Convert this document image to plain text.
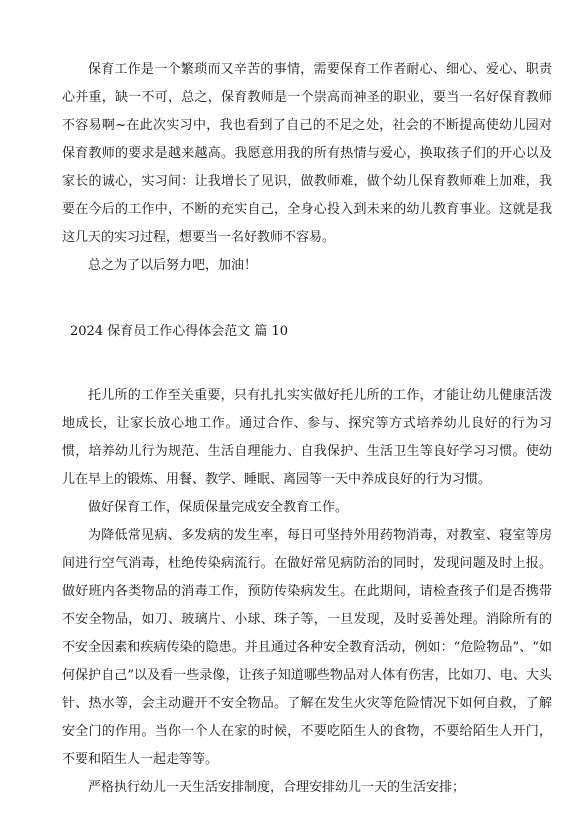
保育工作是一个繁琐而又辛苦的事情，需要保育工作者耐心、细心、爱心、职责心并重，缺一不可，总之，保育教师是一个崇高而神圣的职业，要当一名好保育教师不容易啊~在此次实习中，我也看到了自己的不足之处，社会的不断提高使幼儿园对保育教师的要求是越来越高。我愿意用我的所有热情与爱心，换取孩子们的开心以及家长的诚心，实习间：让我增长了见识，做教师难，做个幼儿保育教师难上加难，我要在今后的工作中，不断的充实自己，全身心投入到未来的幼儿教育事业。这就是我这几天的实习过程，想要当一名好教师不容易。

总之为了以后努力吧，加油！

2024 保育员工作心得体会范文 篇 10

托儿所的工作至关重要，只有扎扎实实做好托儿所的工作，才能让幼儿健康活泼地成长，让家长放心地工作。通过合作、参与、探究等方式培养幼儿良好的行为习惯，培养幼儿行为规范、生活自理能力、自我保护、生活卫生等良好学习习惯。使幼儿在早上的锻炼、用餐、教学、睡眠、离园等一天中养成良好的行为习惯。

做好保育工作，保质保量完成安全教育工作。

为降低常见病、多发病的发生率，每日可坚持外用药物消毒，对教室、寝室等房间进行空气消毒，杜绝传染病流行。在做好常见病防治的同时，发现问题及时上报。做好班内各类物品的消毒工作，预防传染病发生。在此期间，请检查孩子们是否携带不安全物品，如刀、玻璃片、小球、珠子等，一旦发现，及时妥善处理。消除所有的不安全因素和疾病传染的隐患。并且通过各种安全教育活动，例如：“危险物品”、“如何保护自己”以及看一些录像，让孩子知道哪些物品对人体有伤害，比如刀、电、大头针、热水等，会主动避开不安全物品。了解在发生火灾等危险情况下如何自救，了解安全门的作用。当你一个人在家的时候，不要吃陌生人的食物，不要给陌生人开门，不要和陌生人一起走等等。

严格执行幼儿一天生活安排制度，合理安排幼儿一天的生活安排；
